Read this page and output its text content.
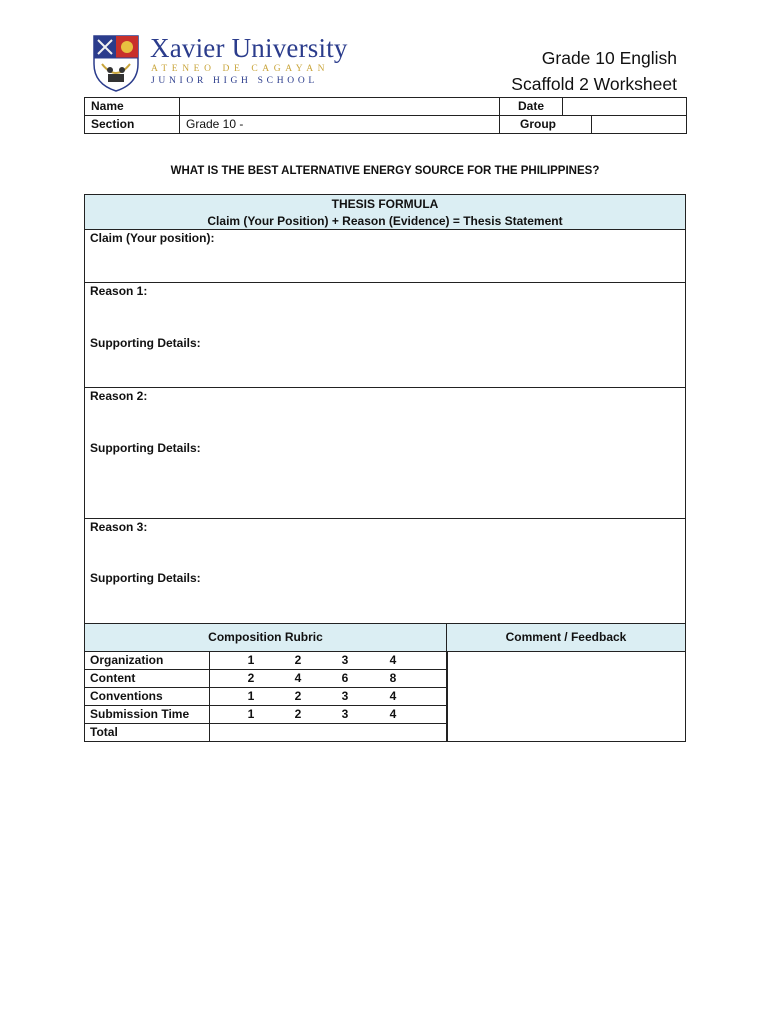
Xavier University
ATENEO DE CAGAYAN
JUNIOR HIGH SCHOOL
Grade 10 English
Scaffold 2 Worksheet
Name		Date		
Section	Grade 10 -	Group		
WHAT IS THE BEST ALTERNATIVE ENERGY SOURCE FOR THE PHILIPPINES?
THESIS FORMULA
Claim (Your Position) + Reason (Evidence) = Thesis Statement
Claim (Your position):
Reason 1:
Supporting Details:
Reason 2:
Supporting Details:
Reason 3:
Supporting Details:
Composition Rubric	Comment / Feedback
Organization	1 2 3 4

Content	2 4 6 8

Conventions	1 2 3 4

Submission Time	1 2 3 4

Total	
